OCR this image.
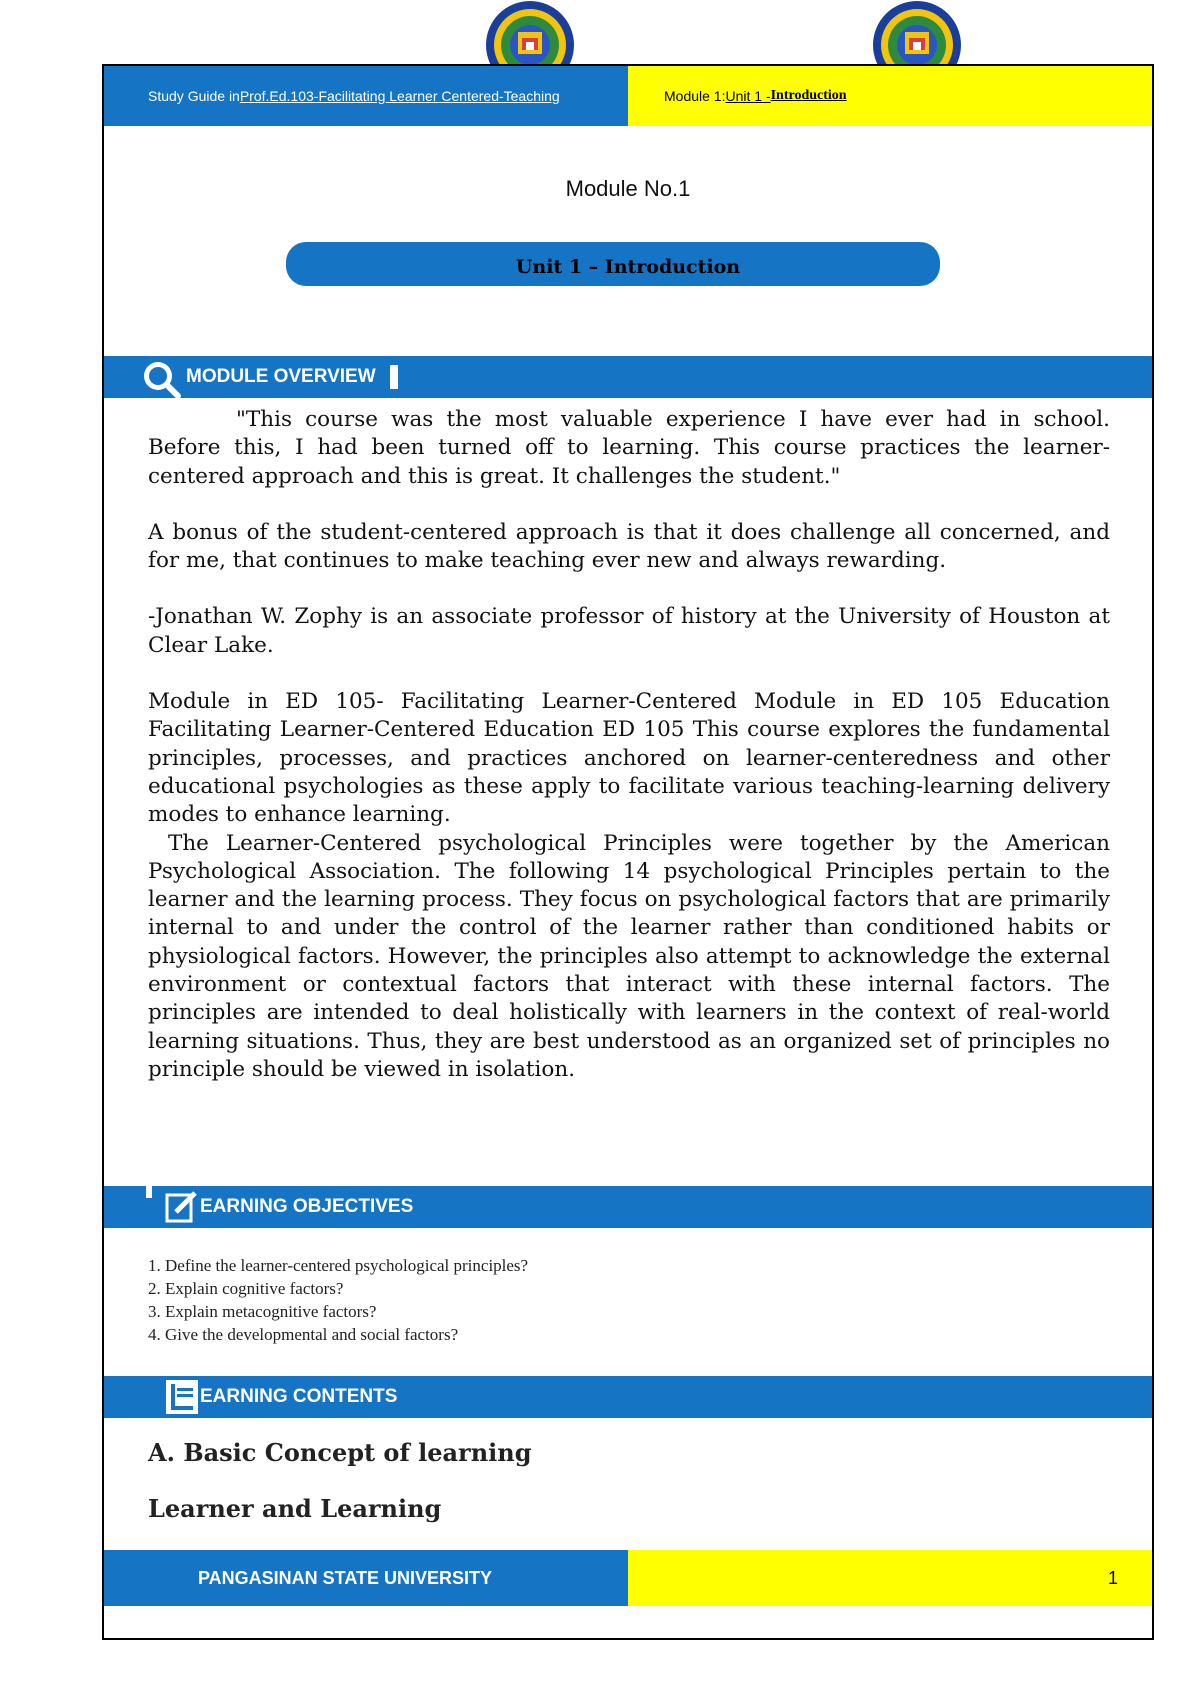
Study Guide in Prof.Ed.103-Facilitating Learner Centered-Teaching	Module 1: Unit 1 - Introduction
Module No.1
Unit 1 – Introduction
MODULE OVERVIEW

"This course was the most valuable experience I have ever had in school. Before this, I had been turned off to learning. This course practices the learner-centered approach and this is great. It challenges the student."

A bonus of the student-centered approach is that it does challenge all concerned, and for me, that continues to make teaching ever new and always rewarding.

-Jonathan W. Zophy is an associate professor of history at the University of Houston at Clear Lake.

Module in ED 105- Facilitating Learner-Centered Module in ED 105 Education Facilitating Learner-Centered Education ED 105 This course explores the fundamental principles, processes, and practices anchored on learner-centeredness and other educational psychologies as these apply to facilitate various teaching-learning delivery modes to enhance learning.

The Learner-Centered psychological Principles were together by the American Psychological Association. The following 14 psychological Principles pertain to the learner and the learning process. They focus on psychological factors that are primarily internal to and under the control of the learner rather than conditioned habits or physiological factors. However, the principles also attempt to acknowledge the external environment or contextual factors that interact with these internal factors. The principles are intended to deal holistically with learners in the context of real-world learning situations. Thus, they are best understood as an organized set of principles no principle should be viewed in isolation.

EARNING OBJECTIVES
1. Define the learner-centered psychological principles?
2. Explain cognitive factors?
3. Explain metacognitive factors?
4. Give the developmental and social factors?
EARNING CONTENTS
A. Basic Concept of learning
Learner and Learning
PANGASINAN STATE UNIVERSITY	1
